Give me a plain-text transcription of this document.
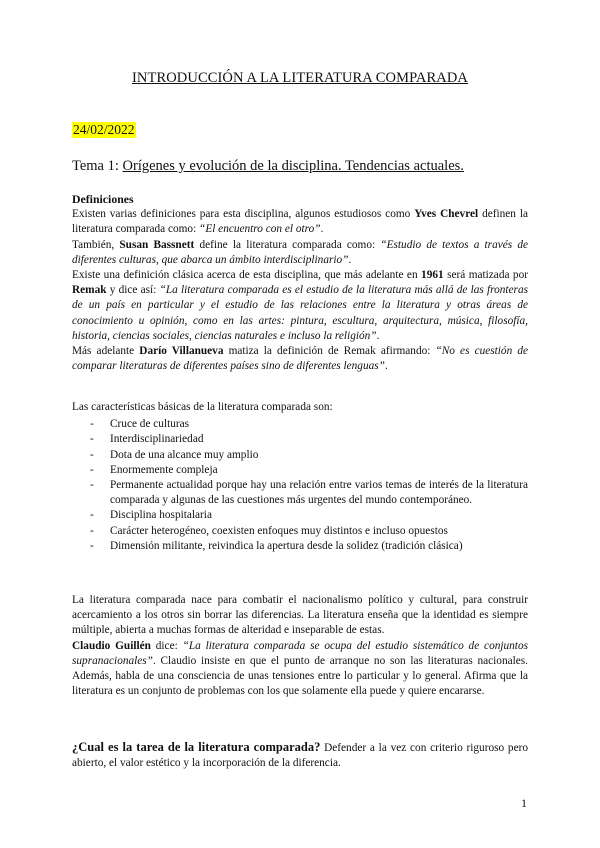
INTRODUCCIÓN A LA LITERATURA COMPARADA
24/02/2022
Tema 1: Orígenes y evolución de la disciplina. Tendencias actuales.
Definiciones

Existen varias definiciones para esta disciplina, algunos estudiosos como Yves Chevrel definen la literatura comparada como: “El encuentro con el otro”.

También, Susan Bassnett define la literatura comparada como: “Estudio de textos a través de diferentes culturas, que abarca un ámbito interdisciplinario”.

Existe una definición clásica acerca de esta disciplina, que más adelante en 1961 será matizada por Remak y dice así: “La literatura comparada es el estudio de la literatura más allá de las fronteras de un país en particular y el estudio de las relaciones entre la literatura y otras áreas de conocimiento u opinión, como en las artes: pintura, escultura, arquitectura, música, filosofía, historia, ciencias sociales, ciencias naturales e incluso la religión”.

Más adelante Darío Villanueva matiza la definición de Remak afirmando: “No es cuestión de comparar literaturas de diferentes países sino de diferentes lenguas”.

Las características básicas de la literatura comparada son:

- Cruce de culturas
- Interdisciplinariedad
- Dota de una alcance muy amplio
- Enormemente compleja
- Permanente actualidad porque hay una relación entre varios temas de interés de la literatura comparada y algunas de las cuestiones más urgentes del mundo contemporáneo.
- Disciplina hospitalaria
- Carácter heterogéneo, coexisten enfoques muy distintos e incluso opuestos
- Dimensión militante, reivindica la apertura desde la solidez (tradición clásica)

La literatura comparada nace para combatir el nacionalismo político y cultural, para construir acercamiento a los otros sin borrar las diferencias. La literatura enseña que la identidad es siempre múltiple, abierta a muchas formas de alteridad e inseparable de estas.

Claudio Guillén dice: “La literatura comparada se ocupa del estudio sistemático de conjuntos supranacionales”. Claudio insiste en que el punto de arranque no son las literaturas nacionales. Además, habla de una consciencia de unas tensiones entre lo particular y lo general. Afirma que la literatura es un conjunto de problemas con los que solamente ella puede y quiere encararse.

¿Cual es la tarea de la literatura comparada? Defender a la vez con criterio riguroso pero abierto, el valor estético y la incorporación de la diferencia.

1
